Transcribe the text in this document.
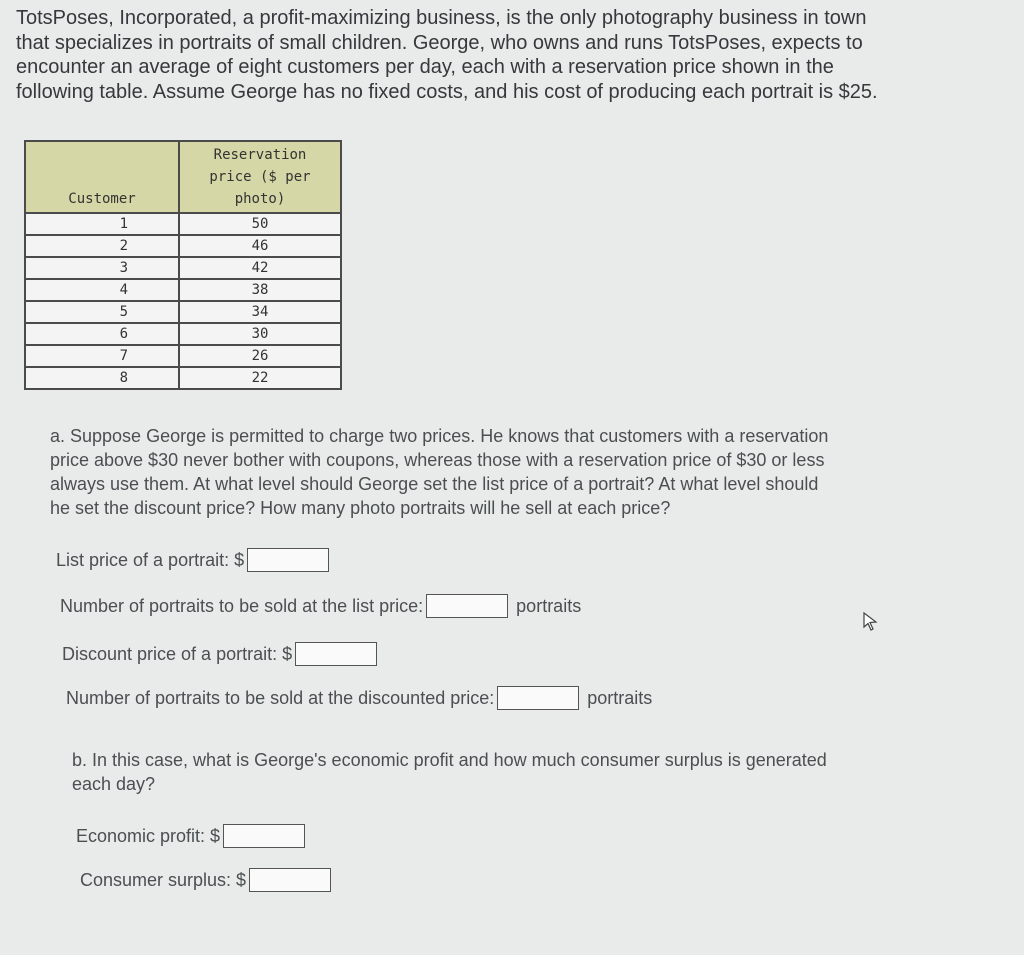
TotsPoses, Incorporated, a profit-maximizing business, is the only photography business in town

that specializes in portraits of small children. George, who owns and runs TotsPoses, expects to

encounter an average of eight customers per day, each with a reservation price shown in the

following table. Assume George has no fixed costs, and his cost of producing each portrait is $25.

Customer	Reservation
price ($ per
photo)

1	50
2	46
3	42
4	38
5	34
6	30
7	26
8	22

a. Suppose George is permitted to charge two prices. He knows that customers with a reservation

price above $30 never bother with coupons, whereas those with a reservation price of $30 or less

always use them. At what level should George set the list price of a portrait? At what level should

he set the discount price? How many photo portraits will he sell at each price?

List price of a portrait: $
Number of portraits to be sold at the list price:	portraits
Discount price of a portrait: $
Number of portraits to be sold at the discounted price:	portraits

b. In this case, what is George's economic profit and how much consumer surplus is generated

each day?

Economic profit: $
Consumer surplus: $
